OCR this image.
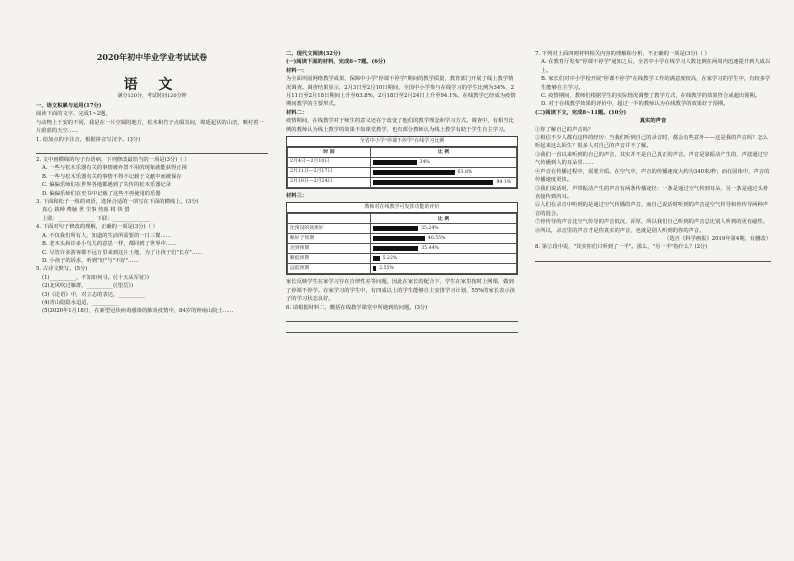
2020年初中毕业学业考试试卷
语 文
满分120分，考试时间120分钟

一、语文积累与运用(17分)

阅读下面的文字，完成1~2题。

与动物上千安的不同，我是在一片空阔的地方，松木和竹子点缀其间，绵延起伏的山峦，映衬着一片蔚蓝的天空……

1. 给加点的字注音，根据拼音写汉字。(3分)

2. 文中画横线的句子有语病，下列修改最恰当的一项是(3分)（ ）

A. 一些与松木乐器有关的事情被弃置不用的现象就能获得正视

B. 一些与松木乐器有关的事情不得不记载于文献中而被保存

C. 偏偏乐师们在世界各地都遇到了失传的松木乐器记录

D. 偏偏乐师们在史书中记载了这些不再使用的乐器

3. 下面和松子一组的词语，选择合适的一项写在下面的横线上。(3分)

真心 栽种 费脑 世 尘事 热血 将 快 惜

上联：______________ 下联：______________

4. 下面对句子修改的理解，正确的一项是(3分)（ ）

A. 不仅我们所有人，知道的生活所需要的一日三餐……

B. 老木头和许多小鸟儿的意思一样，都回到了世界中……

C. 尽管许多游客都不远万里来到这片土地，为了让孩子们"长在"……

D. 小孩子的诉求，听到"好"与"不好"……

5. 古诗文默写。(5分)

(1)__________，不知如何寻。(《十五从军征》)

(2)北风吹过雁群，__________(《望岳》)

(3)《论语》中，对立志的表达，__________

(4)青山隐隐水迢迢，__________

(5)2020年1月18日，在新型冠状病毒感染的肺炎疫情中，84岁的钟南山院士……

二、现代文阅读(32分)

(一)阅读下面的材料，完成6~7题。(6分)

材料一：

为全面巩固网络教学成果，保障中小学"停课不停学"期间的教学质量，教育部门开展了线上教学情况调查。调查结果显示，2月3日至2月10日期间，全国中小学参与在线学习的学生比例为34%，2月11日至2月18日期间上升至63.8%，2月18日至2月24日上升至94.1%。在线教学已经成为疫情期间教学的主要形式。

材料二：

疫情期间，在线教学对于师生的意义还在于改变了他们的教学理念和学习方式。调查中，有相当比例的教师认为线上教学的效果不如课堂教学，也有部分教师认为线上教学有助于学生自主学习。

全省中小学"停课不停学"在线学习比例
时 间	比 例
2月4日—2月10日	34%

2月11日—2月17日	63.8%

2月18日—2月24日	94.1%

材料三：

教师对在线教学可发挥功能的评价
	比 例
比预设的效果好	35.24%

略好于预期	40.55%

达到预期	35.44%

略低预期	5.22%

远低预期	2.55%

家长反映学生在家学习存在自律性差等问题。因此在家长的配合下，学生在家里按时上网课，做到了停课不停学。在家学习的学生中，有四成以上的学生能够自主安排学习计划，55%的家长表示孩子的学习状态良好。

6. 请根据材料二，概括在线教学课堂中所遇到的问题。(3分)

7. 下列对上面四则材料相关内容的理解和分析，不正确的一项是(3分)（ ）

A. 在教育厅发布"停课不停学"通知之后，全省中小学在线学习人数比例在两周内迅速提升到九成以上。

B. 家长们对中小学校开展"停课不停学"在线教学工作的满意度较高，在家学习的学生中，有较多学生能够自主学习。

C. 疫情期间，教师们根据学生的实际情况调整了教学方式，在线教学的效果符合或超出预期。

D. 对于在线教学效果的评价中，超过一半的教师认为在线教学的效果好于预期。

(二)阅读下文，完成8~11题。(10分)

真实的声音

①你了解自己的声音吗？

②相信不少人都有这样的经历：当我们听到自己的录音时，都会有些意外——这是我的声音吗？怎么听起来这么陌生？很多人对自己的声音并不了解。

③我们一直以来听到的自己的声音，其实并不是自己真正的声音。声音是靠振动产生的，声波通过空气传播到人的耳朵里……

④声音在传播过程中，需要介质。在空气中，声音的传播速度大约为340米/秒；而在固体中，声音的传播速度更快。

⑤我们说话时，声带振动产生的声音有两条传播途径：一条是通过空气传到耳朵，另一条是通过头骨直接传到内耳。

⑥人们在录音中听到的是通过空气传播的声音，而自己说话时听到的声音是空气传导和骨传导两种声音的混合。

⑦骨传导的声音比空气传导的声音低沉、浑厚，所以我们自己听到的声音总比别人听到的更有磁性。

⑧所以，录音里的声音才是你真实的声音，也就是别人听到的你的声音。

（选自《科学画报》2019年第4期，有删改）

8. 第②段中说，"其实你们只听到了一半"。那么，"另一半"指什么？(2分)
